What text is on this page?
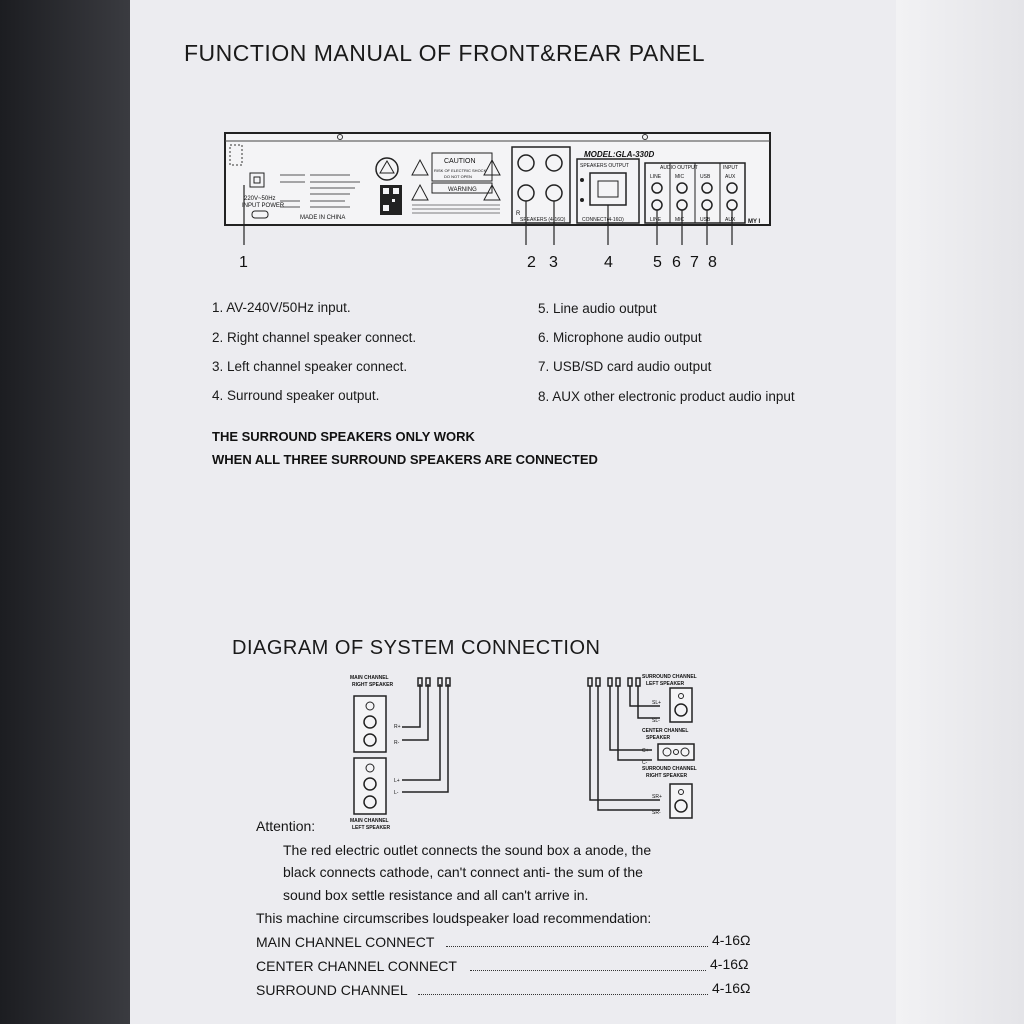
FUNCTION MANUAL OF FRONT&REAR PANEL
220V~50Hz
INPUT POWER
MADE IN CHINA
CAUTION
RISK OF ELECTRIC SHOCK
DO NOT OPEN
WARNING
R
SPEAKERS (4-16Ω)
SPEAKERS OUTPUT
CONNECT(4-16Ω)
MODEL:GLA-330D
AUDIO OUTPUT	INPUT
LINE	MIC	USB	AUX
LINE	MIC	USB	AUX MY I
1	2 3	4	5 6 7 8
1. AV-240V/50Hz input.
2. Right channel speaker connect.
3. Left channel speaker connect.
4. Surround speaker output.
5. Line audio output
6. Microphone audio output
7. USB/SD card audio output
8. AUX other electronic product audio input
THE SURROUND SPEAKERS ONLY WORK
WHEN ALL THREE SURROUND SPEAKERS ARE CONNECTED
DIAGRAM OF SYSTEM CONNECTION
MAIN CHANNEL
RIGHT SPEAKER
MAIN CHANNEL
LEFT SPEAKER
R+
R-
L+
L-
SURROUND CHANNEL
LEFT SPEAKER
SL+
SL-
CENTER CHANNEL
SPEAKER
C+
C-
SURROUND CHANNEL
RIGHT SPEAKER
SR+
SR-
Attention:
The red electric outlet connects the sound box a anode, the
black connects cathode, can't connect anti- the sum of the
sound box settle resistance and all can't arrive in.
This machine circumscribes loudspeaker load recommendation:
MAIN CHANNEL CONNECT	4-16Ω
CENTER CHANNEL CONNECT	4-16Ω
SURROUND CHANNEL	4-16Ω
